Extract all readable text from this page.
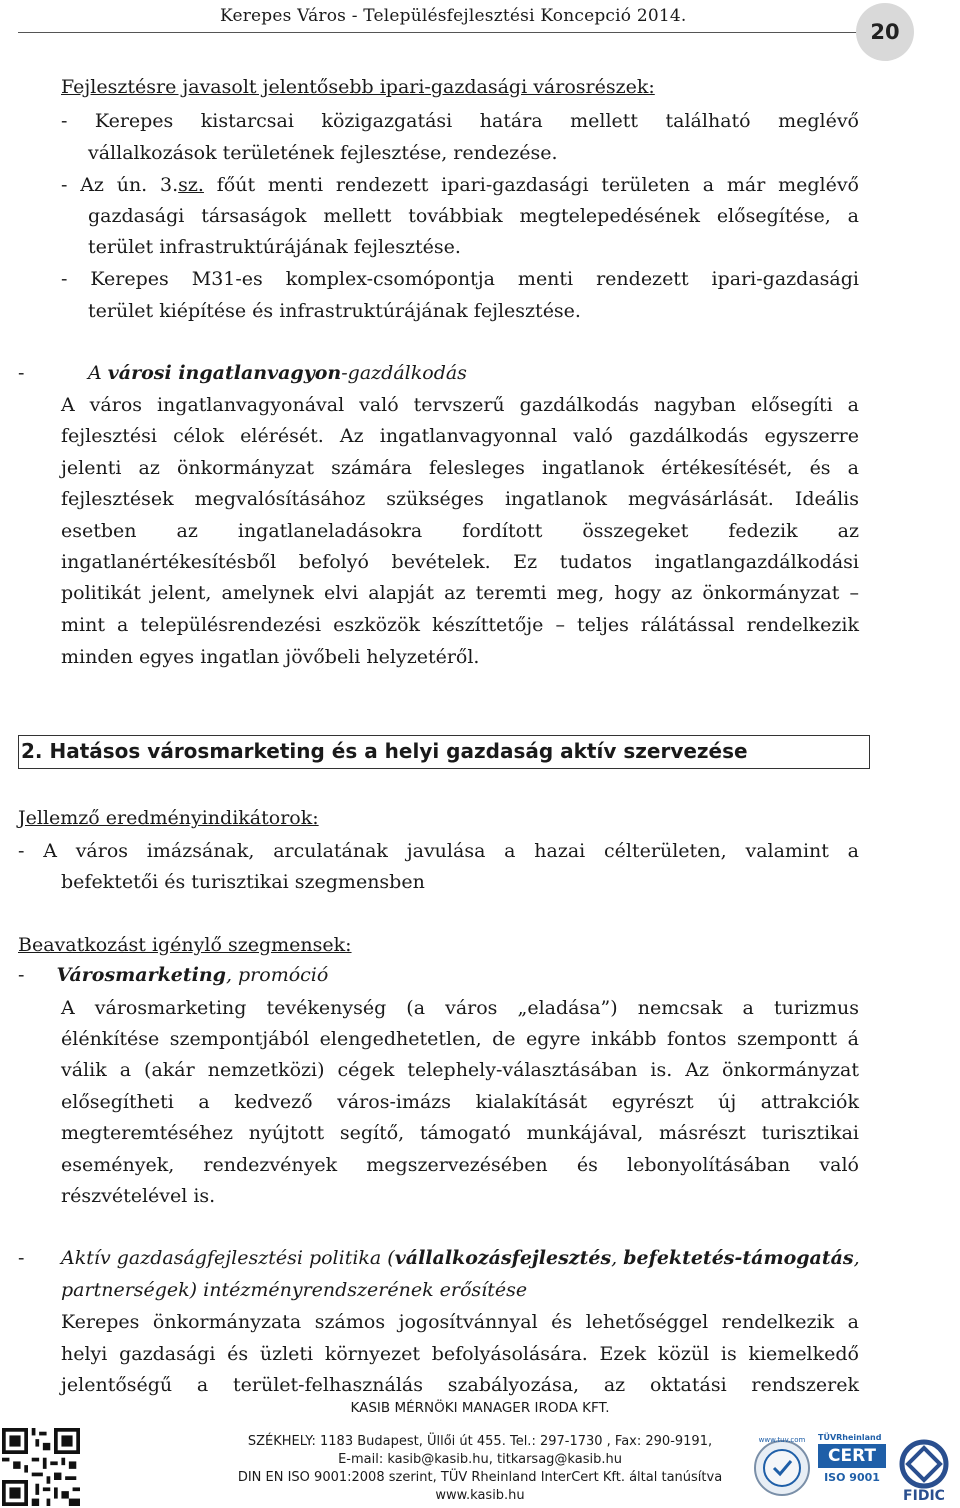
Kerepes Város - Településfejlesztési Koncepció 2014.
20
Fejlesztésre javasolt jelentősebb ipari-gazdasági városrészek:
- Kerepes kistarcsai közigazgatási határa mellett található meglévő
vállalkozások területének fejlesztése, rendezése.
- Az ún. 3.sz. főút menti rendezett ipari-gazdasági területen a már meglévő
gazdasági társaságok mellett továbbiak megtelepedésének elősegítése, a
terület infrastruktúrájának fejlesztése.
- Kerepes M31-es komplex-csomópontja menti rendezett ipari-gazdasági
terület kiépítése és infrastruktúrájának fejlesztése.
-	A városi ingatlanvagyon-gazdálkodás
A város ingatlanvagyonával való tervszerű gazdálkodás nagyban elősegíti a
fejlesztési célok elérését. Az ingatlanvagyonnal való gazdálkodás egyszerre
jelenti az önkormányzat számára felesleges ingatlanok értékesítését, és a
fejlesztések megvalósításához szükséges ingatlanok megvásárlását. Ideális
esetben az ingatlaneladásokra fordított összegeket fedezik az
ingatlanértékesítésből befolyó bevételek. Ez tudatos ingatlangazdálkodási
politikát jelent, amelynek elvi alapját az teremti meg, hogy az önkormányzat –
mint a településrendezési eszközök készíttetője – teljes rálátással rendelkezik
minden egyes ingatlan jövőbeli helyzetéről.
2. Hatásos városmarketing és a helyi gazdaság aktív szervezése
Jellemző eredményindikátorok:
- A város imázsának, arculatának javulása a hazai célterületen, valamint a
befektetői és turisztikai szegmensben
Beavatkozást igénylő szegmensek:
- Városmarketing, promóció
A városmarketing tevékenység (a város „eladása”) nemcsak a turizmus
élénkítése szempontjából elengedhetetlen, de egyre inkább fontos szempontt á
válik a (akár nemzetközi) cégek telephely-választásában is. Az önkormányzat
elősegítheti a kedvező város-imázs kialakítását egyrészt új attrakciók
megteremtéséhez nyújtott segítő, támogató munkájával, másrészt turisztikai
események, rendezvények megszervezésében és lebonyolításában való
részvételével is.
- Aktív gazdaságfejlesztési politika (vállalkozásfejlesztés, befektetés-támogatás,
partnerségek) intézményrendszerének erősítése
Kerepes önkormányzata számos jogosítvánnyal és lehetőséggel rendelkezik a
helyi gazdasági és üzleti környezet befolyásolására. Ezek közül is kiemelkedő
jelentőségű a terület-felhasználás szabályozása, az oktatási rendszerek
KASIB MÉRNÖKI MANAGER IRODA KFT.
SZÉKHELY: 1183 Budapest, Üllői út 455. Tel.: 297-1730 , Fax: 290-9191,
E-mail: kasib@kasib.hu, titkarsag@kasib.hu
DIN EN ISO 9001:2008 szerint, TÜV Rheinland InterCert Kft. által tanúsítva
www.kasib.hu
www.tuv.com TÜVRheinland
CERT
ISO 9001
FIDIC
